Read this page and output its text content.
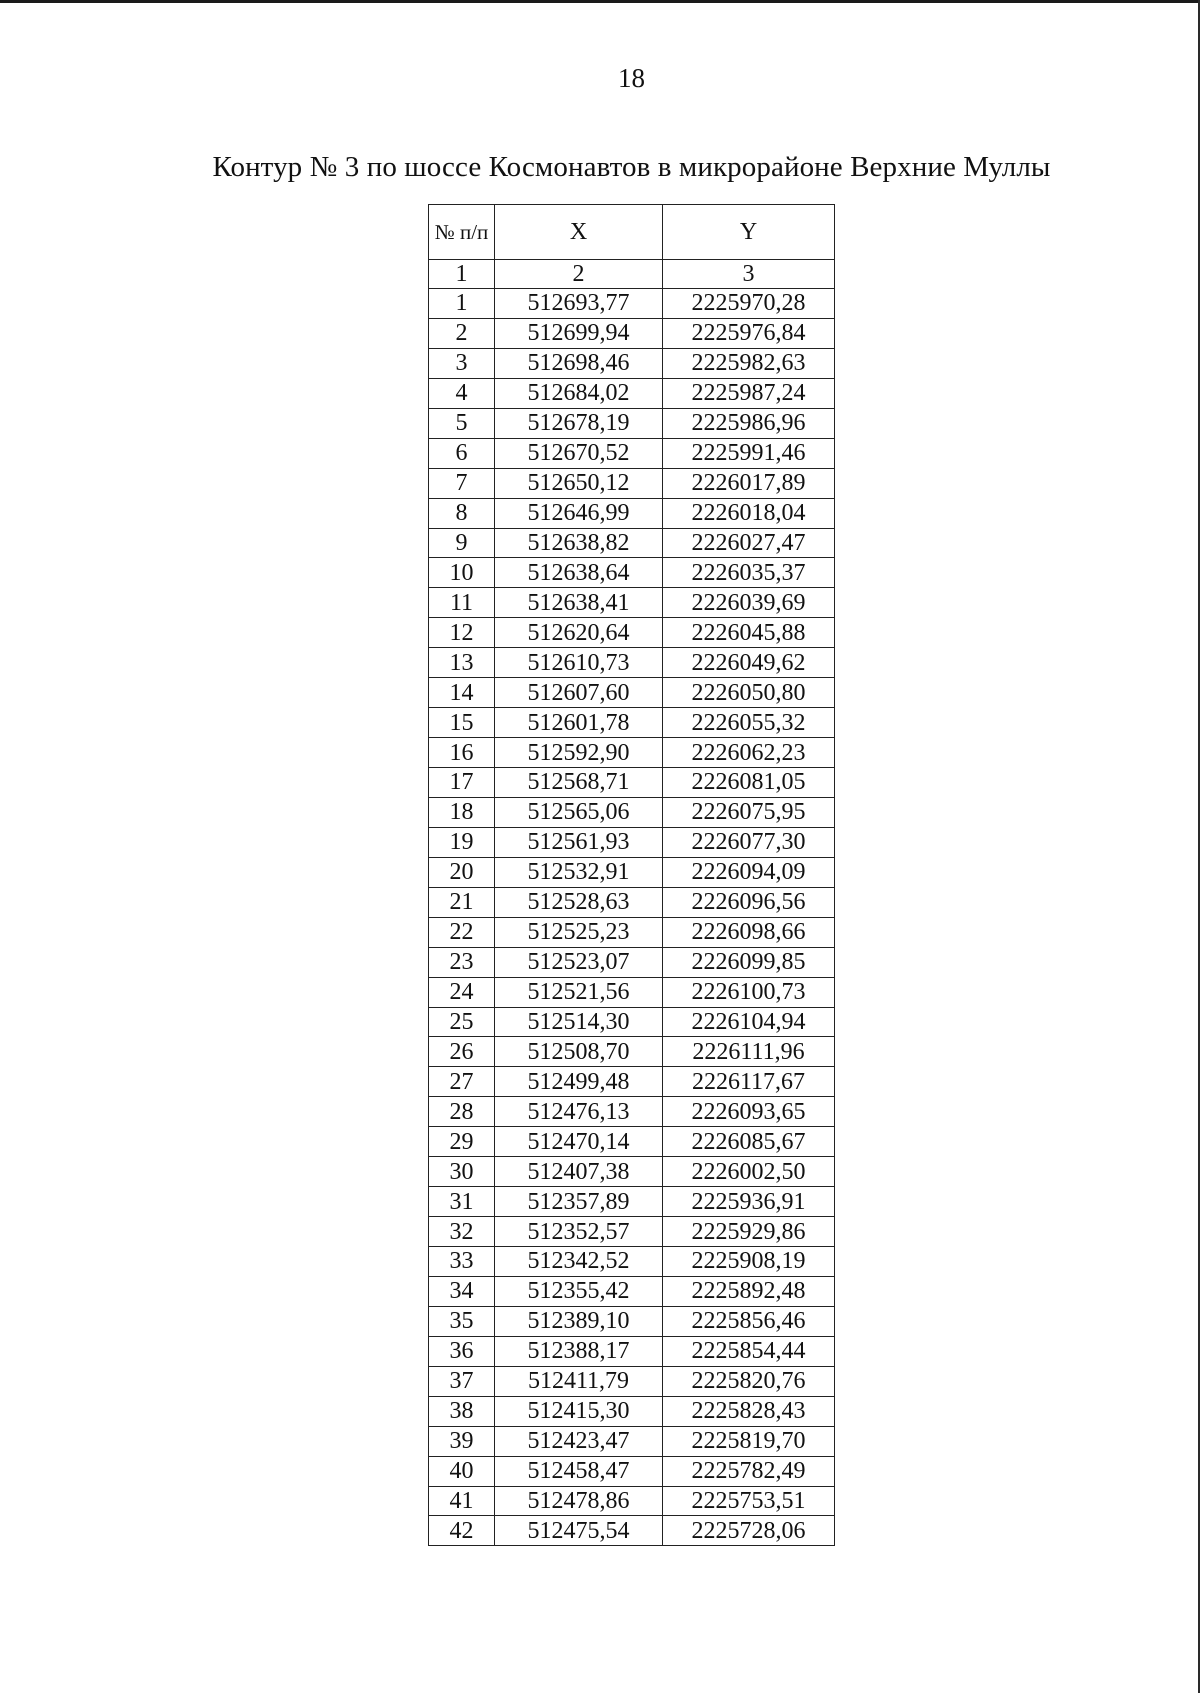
18
Контур № 3 по шоссе Космонавтов в микрорайоне Верхние Муллы
№ п/п	X	Y
1	2	3
1	512693,77	2225970,28
2	512699,94	2225976,84
3	512698,46	2225982,63
4	512684,02	2225987,24
5	512678,19	2225986,96
6	512670,52	2225991,46
7	512650,12	2226017,89
8	512646,99	2226018,04
9	512638,82	2226027,47
10	512638,64	2226035,37
11	512638,41	2226039,69
12	512620,64	2226045,88
13	512610,73	2226049,62
14	512607,60	2226050,80
15	512601,78	2226055,32
16	512592,90	2226062,23
17	512568,71	2226081,05
18	512565,06	2226075,95
19	512561,93	2226077,30
20	512532,91	2226094,09
21	512528,63	2226096,56
22	512525,23	2226098,66
23	512523,07	2226099,85
24	512521,56	2226100,73
25	512514,30	2226104,94
26	512508,70	2226111,96
27	512499,48	2226117,67
28	512476,13	2226093,65
29	512470,14	2226085,67
30	512407,38	2226002,50
31	512357,89	2225936,91
32	512352,57	2225929,86
33	512342,52	2225908,19
34	512355,42	2225892,48
35	512389,10	2225856,46
36	512388,17	2225854,44
37	512411,79	2225820,76
38	512415,30	2225828,43
39	512423,47	2225819,70
40	512458,47	2225782,49
41	512478,86	2225753,51
42	512475,54	2225728,06
